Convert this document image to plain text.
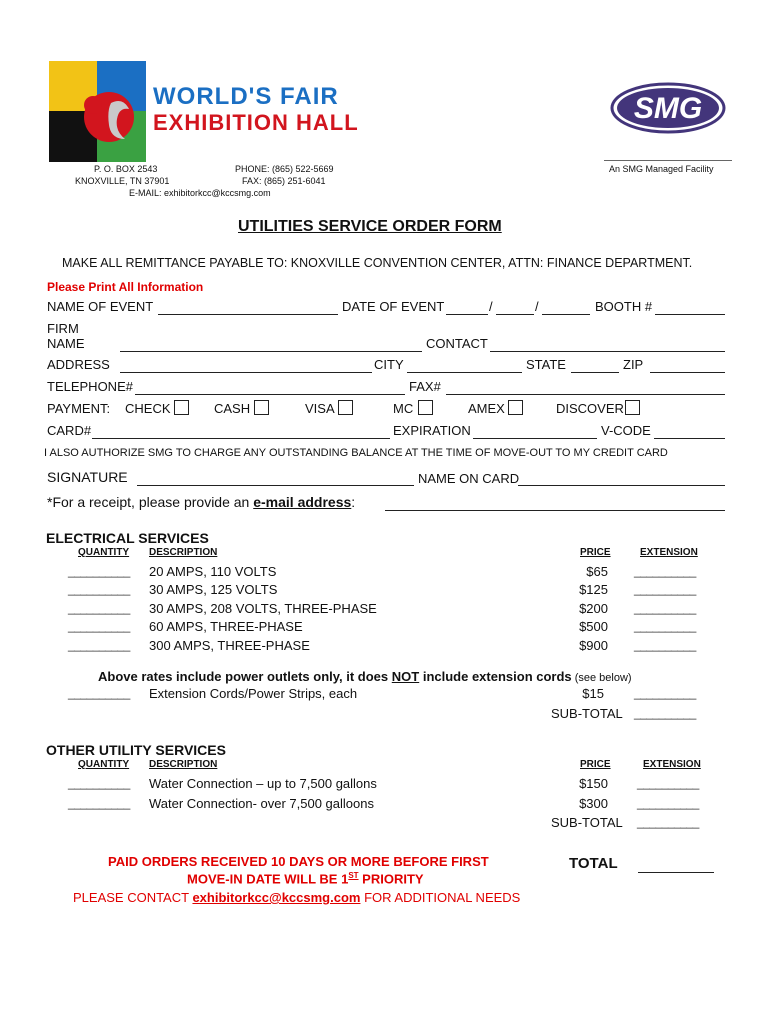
WORLD'S FAIR
EXHIBITION HALL	SMG
An SMG Managed Facility
P. O. BOX 2543
KNOXVILLE, TN 37901
E-MAIL: exhibitorkcc@kccsmg.com
PHONE: (865) 522-5669
FAX: (865) 251-6041
UTILITIES SERVICE ORDER FORM
MAKE ALL REMITTANCE PAYABLE TO: KNOXVILLE CONVENTION CENTER, ATTN: FINANCE DEPARTMENT.
Please Print All Information
NAME OF EVENT	DATE OF EVENT	/	/	BOOTH #
FIRM
NAME	CONTACT
ADDRESS	CITY	STATE	ZIP
TELEPHONE#	FAX#
PAYMENT: CHECK	CASH	VISA	MC	AMEX	DISCOVER
CARD#	EXPIRATION	V-CODE
I ALSO AUTHORIZE SMG TO CHARGE ANY OUTSTANDING BALANCE AT THE TIME OF MOVE-OUT TO MY CREDIT CARD
SIGNATURE	NAME ON CARD
*For a receipt, please provide an e-mail address:
ELECTRICAL SERVICES
QUANTITY DESCRIPTION	PRICE	EXTENSION
__________ 20 AMPS, 110 VOLTS	$65 __________
__________ 30 AMPS, 125 VOLTS	$125 __________
__________ 30 AMPS, 208 VOLTS, THREE-PHASE	$200 __________
__________ 60 AMPS, THREE-PHASE	$500 __________
__________ 300 AMPS, THREE-PHASE	$900 __________
Above rates include power outlets only, it does NOT include extension cords (see below)
__________ Extension Cords/Power Strips, each	$15	__________
SUB-TOTAL __________
OTHER UTILITY SERVICES
QUANTITY DESCRIPTION	PRICE	EXTENSION
__________ Water Connection – up to 7,500 gallons	$150 __________
__________ Water Connection- over 7,500 galloons	$300 __________
SUB-TOTAL __________
PAID ORDERS RECEIVED 10 DAYS OR MORE BEFORE FIRST
MOVE-IN DATE WILL BE 1ST PRIORITY
PLEASE CONTACT exhibitorkcc@kccsmg.com FOR ADDITIONAL NEEDS
TOTAL
